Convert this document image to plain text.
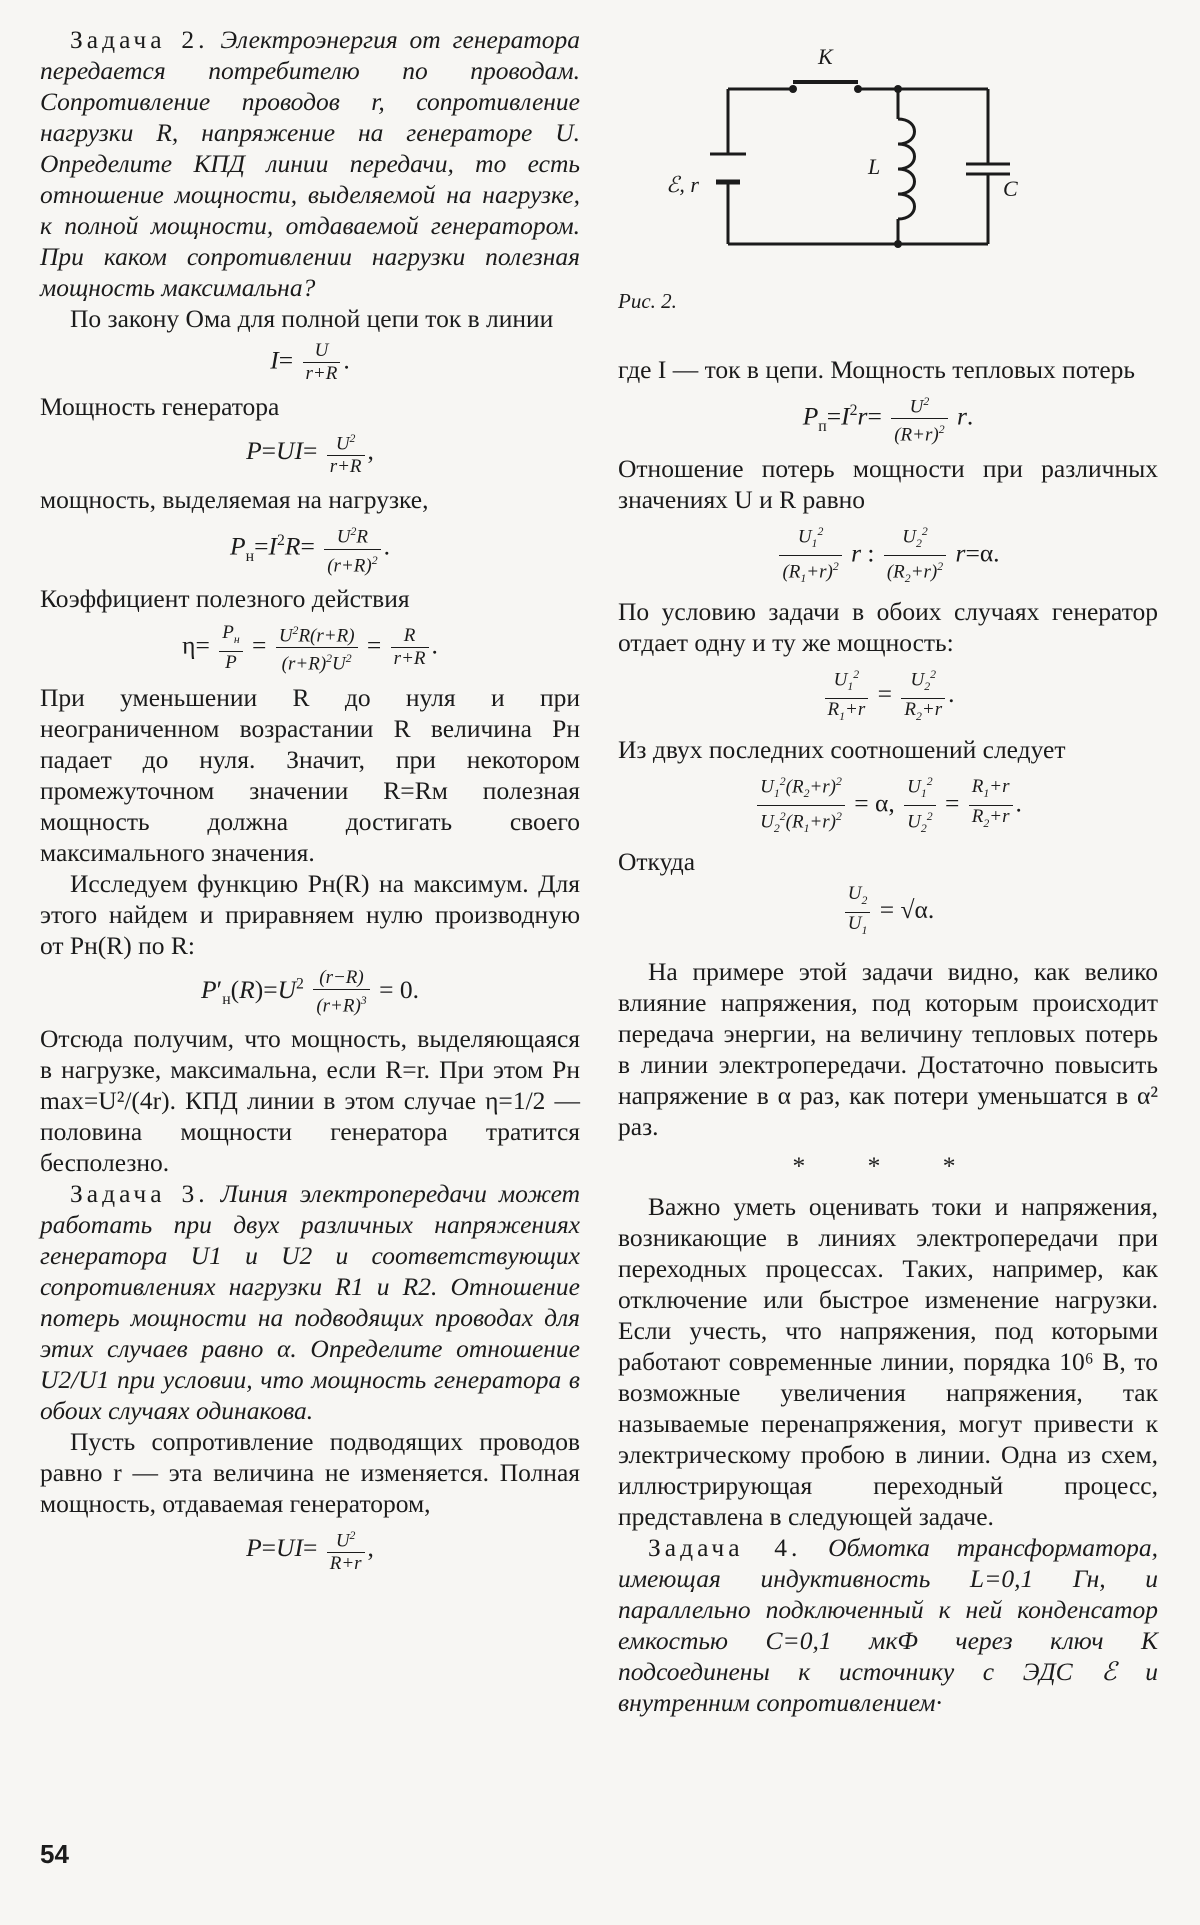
Задача 2. Электроэнергия от генератора передается потребителю по проводам. Сопротивление проводов r, сопротивление нагрузки R, напряжение на генераторе U. Определите КПД линии передачи, то есть отношение мощности, выделяемой на нагрузке, к полной мощности, отдаваемой генератором. При каком сопротивлении нагрузки полезная мощность максимальна?

По закону Ома для полной цепи ток в линии

$I= \frac{U}{r+R}$ .

Мощность генератора

$P=UI= \frac{U^2}{r+R}$ ,

мощность, выделяемая на нагрузке,

$P_н=I^2R= \frac{U^2R}{(r+R)^2}$ .

Коэффициент полезного действия

$\eta= \frac{P_н}{P} = \frac{U^2R(r+R)}{(r+R)^2U^2} = \frac{R}{r+R}$ .

При уменьшении R до нуля и при неограниченном возрастании R величина Pн падает до нуля. Значит, при некотором промежуточном значении R=Rм полезная мощность должна достигать своего максимального значения.

Исследуем функцию Pн(R) на максимум. Для этого найдем и приравняем нулю производную от Pн(R) по R:

$P'_н(R)=U^2 \frac{(r-R)}{(r+R)^3} = 0$.

Отсюда получим, что мощность, выделяющаяся в нагрузке, максимальна, если R=r. При этом Pн max=U²/(4r). КПД линии в этом случае η=1/2 — половина мощности генератора тратится бесполезно.

Задача 3. Линия электропередачи может работать при двух различных напряжениях генератора U1 и U2 и соответствующих сопротивлениях нагрузки R1 и R2. Отношение потерь мощности на подводящих проводах для этих случаев равно α. Определите отношение U2/U1 при условии, что мощность генератора в обоих случаях одинакова.

Пусть сопротивление подводящих проводов равно r — эта величина не изменяется. Полная мощность, отдаваемая генератором,

$P=UI= \frac{U^2}{R+r}$ ,
K
L
C
ℰ, r
Рис. 2.

где I — ток в цепи. Мощность тепловых потерь

$P_п=I^2r= \frac{U^2}{(R+r)^2} r$.

Отношение потерь мощности при различных значениях U и R равно

$\frac{U_1^2}{(R_1+r)^2}$ r : $\frac{U_2^2}{(R_2+r)^2} r=\alpha$.

По условию задачи в обоих случаях генератор отдает одну и ту же мощность:

$\frac{U_1^2}{R_1+r} = \frac{U_2^2}{R_2+r}$ .

Из двух последних соотношений следует

$\frac{U_1^2(R_2+r)^2}{U_2^2(R_1+r)^2} = \alpha$, $\frac{U_1^2}{U_2^2} = \frac{R_1+r}{R_2+r}$ .

Откуда

$\frac{U_2}{U_1} = √\alpha$.

На примере этой задачи видно, как велико влияние напряжения, под которым происходит передача энергии, на величину тепловых потерь в линии электропередачи. Достаточно повысить напряжение в α раз, как потери уменьшатся в α² раз.

* * *

Важно уметь оценивать токи и напряжения, возникающие в линиях электропередачи при переходных процессах. Таких, например, как отключение или быстрое изменение нагрузки. Если учесть, что напряжения, под которыми работают современные линии, порядка 10⁶ В, то возможные увеличения напряжения, так называемые перенапряжения, могут привести к электрическому пробою в линии. Одна из схем, иллюстрирующая переходный процесс, представлена в следующей задаче.

Задача 4. Обмотка трансформатора, имеющая индуктивность L=0,1 Гн, и параллельно подключенный к ней конденсатор емкостью C=0,1 мкФ через ключ К подсоединены к источнику с ЭДС ℰ и внутренним сопротивлением·

54
